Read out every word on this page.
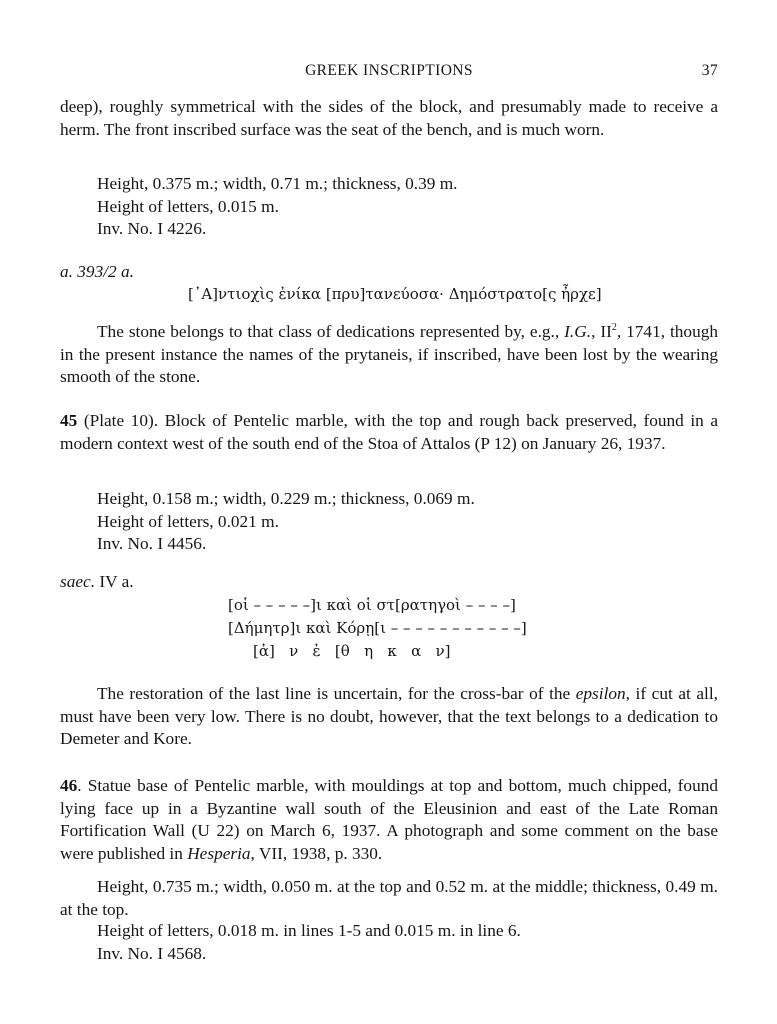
GREEK INSCRIPTIONS	37
deep), roughly symmetrical with the sides of the block, and presumably made to receive a herm. The front inscribed surface was the seat of the bench, and is much worn.
Height, 0.375 m.; width, 0.71 m.; thickness, 0.39 m.
Height of letters, 0.015 m.
Inv. No. I 4226.
a. 393/2 a.
[᾽Α]ντιοχὶς ἐνίκα [πρυ]τανεύοσα· Δημόστρατο[ς ἦρχε]
The stone belongs to that class of dedications represented by, e.g., I.G., $II^2$, 1741, though in the present instance the names of the prytaneis, if inscribed, have been lost by the wearing smooth of the stone.
45 (Plate 10). Block of Pentelic marble, with the top and rough back preserved, found in a modern context west of the south end of the Stoa of Attalos (P 12) on January 26, 1937.
Height, 0.158 m.; width, 0.229 m.; thickness, 0.069 m.
Height of letters, 0.021 m.
Inv. No. I 4456.
saec. IV a.
[οἱ – – – – –]ι καὶ οἱ στ[ρατηγοὶ – – – –]
[Δήμητρ]ι καὶ Κόρῃ[ι – – – – – – – – – – –]
[ἀ]   ν   ἑ   [θ   η   κ   α   ν]
The restoration of the last line is uncertain, for the cross-bar of the epsilon, if cut at all, must have been very low. There is no doubt, however, that the text belongs to a dedication to Demeter and Kore.
46. Statue base of Pentelic marble, with mouldings at top and bottom, much chipped, found lying face up in a Byzantine wall south of the Eleusinion and east of the Late Roman Fortification Wall (U 22) on March 6, 1937. A photograph and some comment on the base were published in Hesperia, VII, 1938, p. 330.
Height, 0.735 m.; width, 0.050 m. at the top and 0.52 m. at the middle; thickness, 0.49 m. at the top.
Height of letters, 0.018 m. in lines 1-5 and 0.015 m. in line 6.
Inv. No. I 4568.
